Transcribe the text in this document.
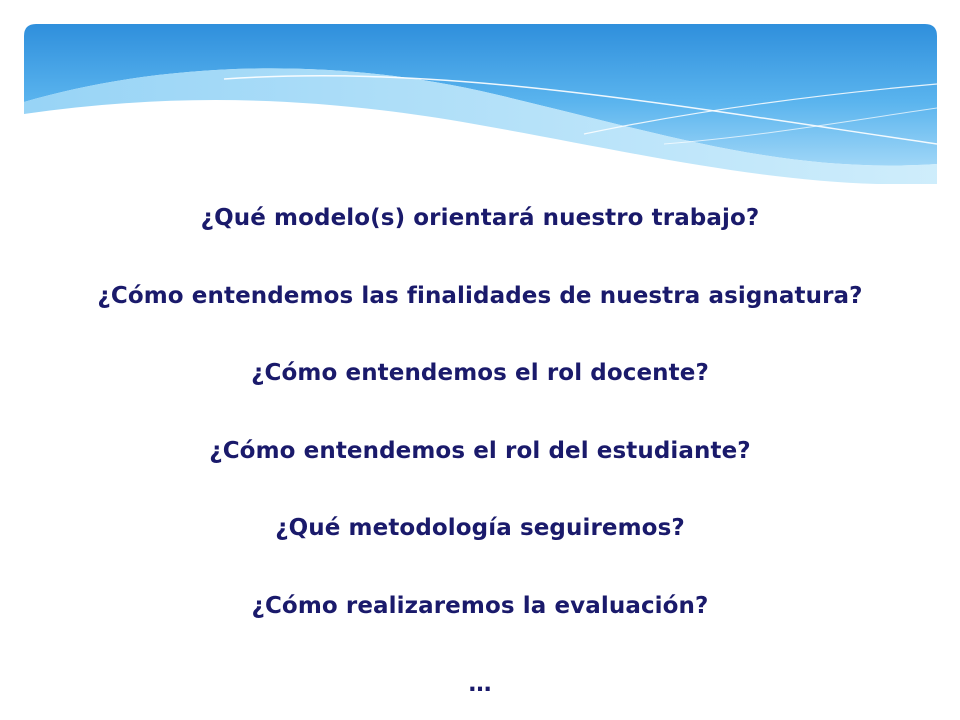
¿Qué modelo(s) orientará nuestro trabajo?
¿Cómo entendemos las finalidades de nuestra asignatura?
¿Cómo entendemos el rol docente?
¿Cómo entendemos el rol del estudiante?
¿Qué metodología seguiremos?
¿Cómo realizaremos la evaluación?
…
